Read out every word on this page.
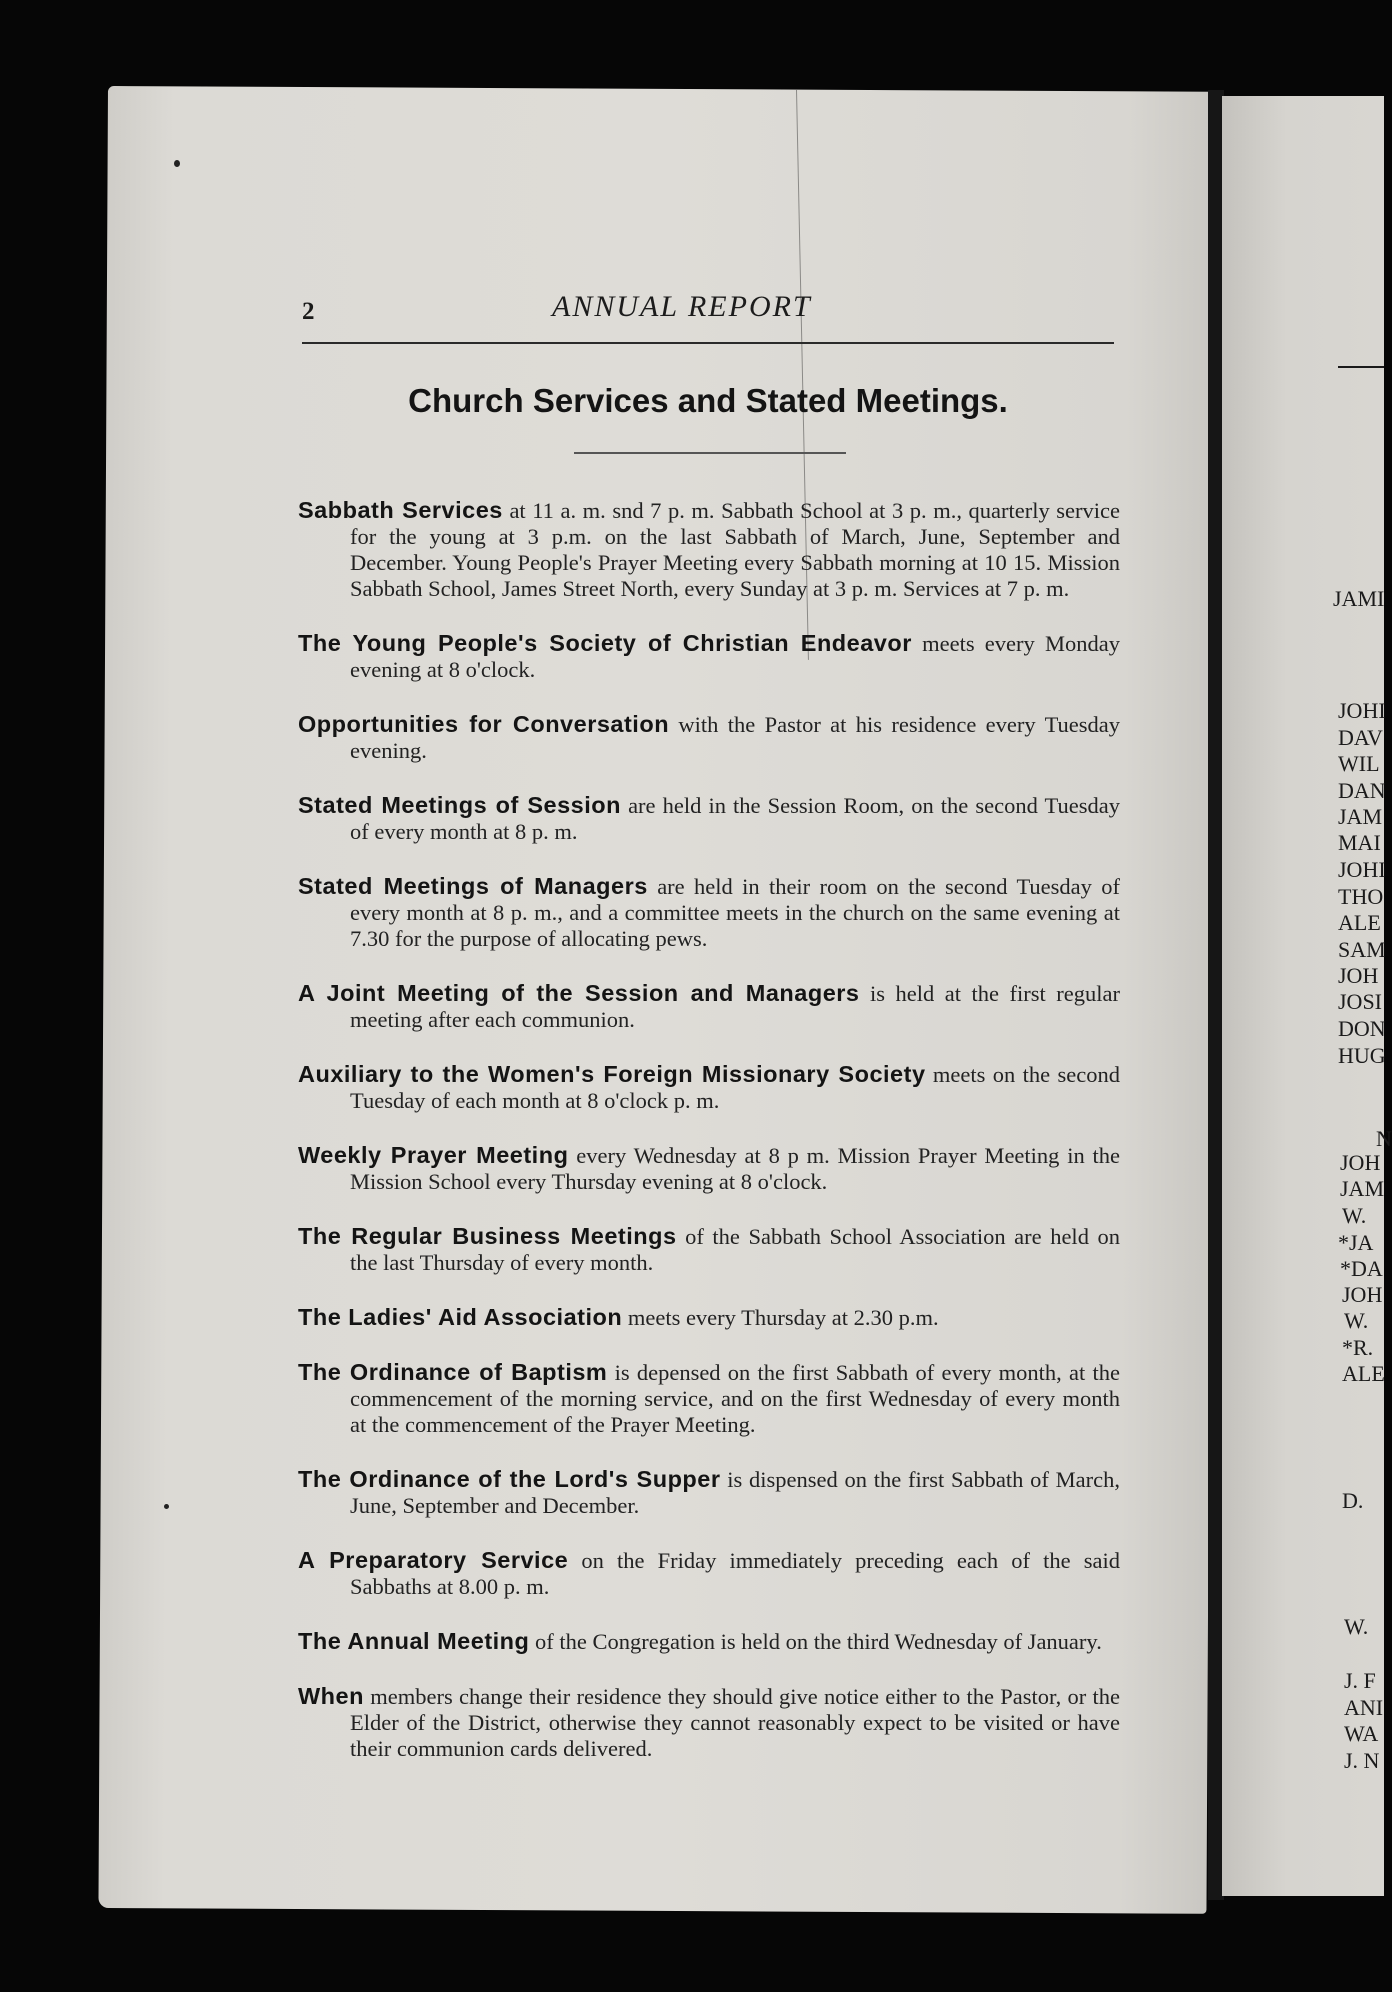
2	ANNUAL REPORT
Church Services and Stated Meetings.

Sabbath Services at 11 a. m. snd 7 p. m. Sabbath School at 3 p. m., quarterly service for the young at 3 p.m. on the last Sabbath of March, June, September and December. Young People's Prayer Meeting every Sabbath morning at 10 15. Mission Sabbath School, James Street North, every Sunday at 3 p. m. Services at 7 p. m.

The Young People's Society of Christian Endeavor meets every Monday evening at 8 o'clock.

Opportunities for Conversation with the Pastor at his residence every Tuesday evening.

Stated Meetings of Session are held in the Session Room, on the second Tuesday of every month at 8 p. m.

Stated Meetings of Managers are held in their room on the second Tuesday of every month at 8 p. m., and a committee meets in the church on the same evening at 7.30 for the purpose of allocating pews.

A Joint Meeting of the Session and Managers is held at the first regular meeting after each communion.

Auxiliary to the Women's Foreign Missionary Society meets on the second Tuesday of each month at 8 o'clock p. m.

Weekly Prayer Meeting every Wednesday at 8 p m. Mission Prayer Meeting in the Mission School every Thursday evening at 8 o'clock.

The Regular Business Meetings of the Sabbath School Association are held on the last Thursday of every month.

The Ladies' Aid Association meets every Thursday at 2.30 p.m.

The Ordinance of Baptism is depensed on the first Sabbath of every month, at the commencement of the morning service, and on the first Wednesday of every month at the commencement of the Prayer Meeting.

The Ordinance of the Lord's Supper is dispensed on the first Sabbath of March, June, September and December.

A Preparatory Service on the Friday immediately preceding each of the said Sabbaths at 8.00 p. m.

The Annual Meeting of the Congregation is held on the third Wednesday of January.

When members change their residence they should give notice either to the Pastor, or the Elder of the District, otherwise they cannot reasonably expect to be visited or have their communion cards delivered.

JAMI
JOHI
DAV
WIL
DAN
JAM
MAI
JOHI
THO
ALE
SAM
JOH
JOSI
DON
HUG
N
JOH
JAM
W.
*JA
*DA
JOH
W.
*R.
ALE
D.
W.
J. F
ANI
WA
J. N
